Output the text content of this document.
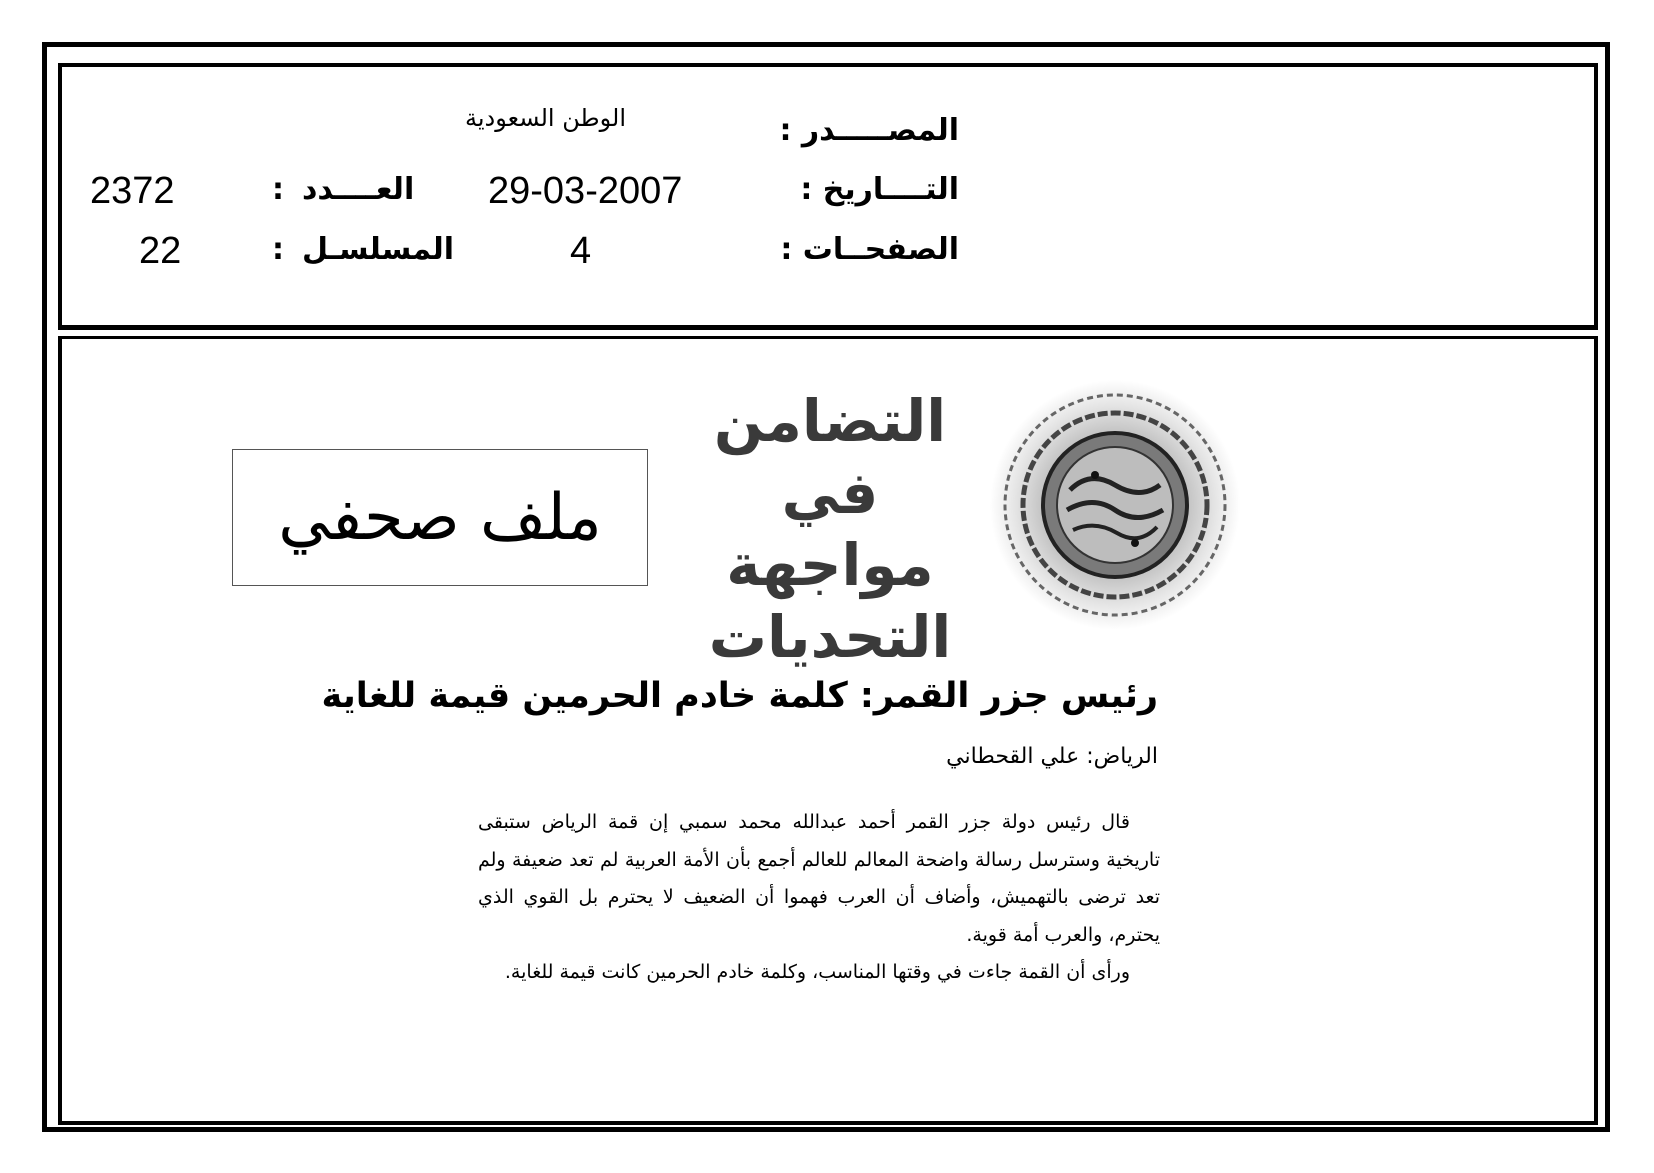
المصـــــدر :
الوطن السعودية
التــــاريخ :
29-03-2007
العــــدد
:
2372
الصفحــات :
4
المسلسـل
:
22
ملف صحفي
التضامن
في مواجهة
التحديات
رئيس جزر القمر: كلمة خادم الحرمين قيمة للغاية
الرياض: علي القحطاني

قال رئيس دولة جزر القمر أحمد عبدالله محمد سمبي إن قمة الرياض ستبقى تاريخية وسترسل رسالة واضحة المعالم للعالم أجمع بأن الأمة العربية لم تعد ضعيفة ولم تعد ترضى بالتهميش، وأضاف أن العرب فهموا أن الضعيف لا يحترم بل القوي الذي يحترم، والعرب أمة قوية.

ورأى أن القمة جاءت في وقتها المناسب، وكلمة خادم الحرمين كانت قيمة للغاية.
